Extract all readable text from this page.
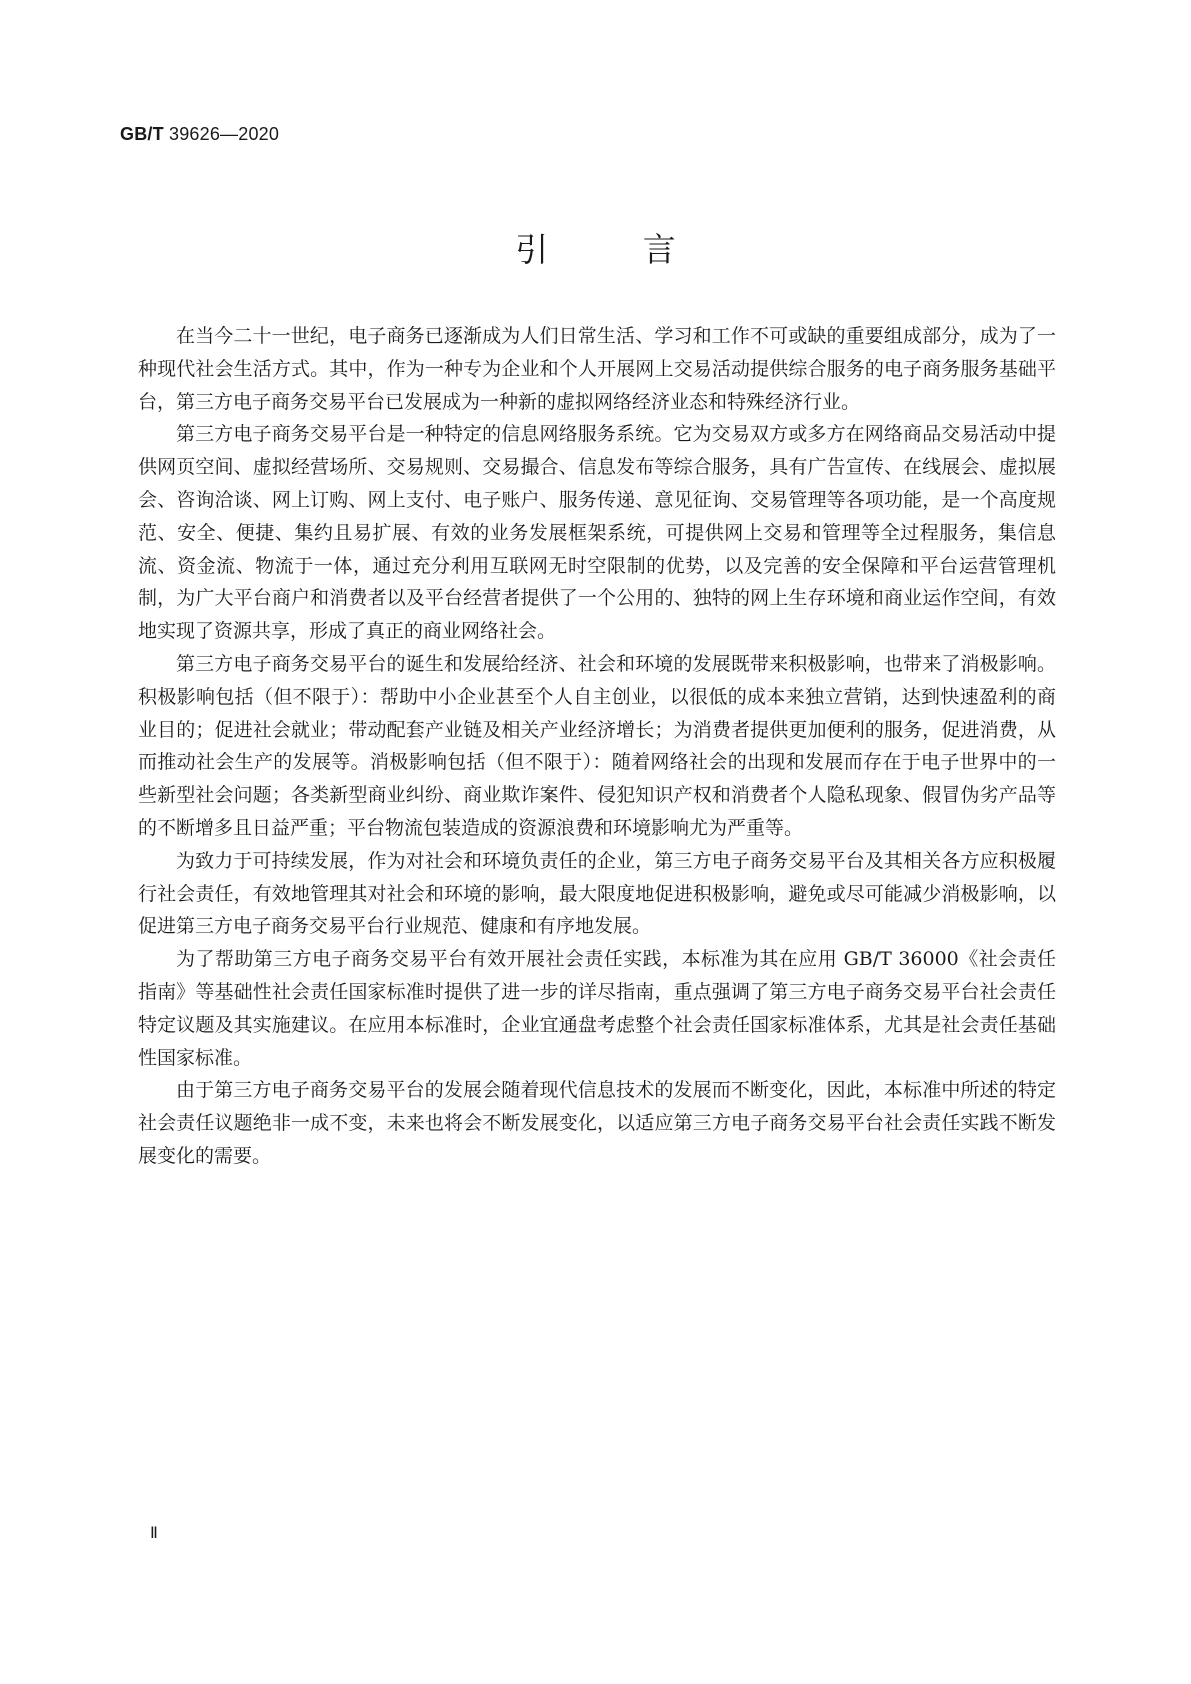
GB/T 39626—2020
引 言

在当今二十一世纪，电子商务已逐渐成为人们日常生活、学习和工作不可或缺的重要组成部分，成为了一种现代社会生活方式。其中，作为一种专为企业和个人开展网上交易活动提供综合服务的电子商务服务基础平台，第三方电子商务交易平台已发展成为一种新的虚拟网络经济业态和特殊经济行业。

第三方电子商务交易平台是一种特定的信息网络服务系统。它为交易双方或多方在网络商品交易活动中提供网页空间、虚拟经营场所、交易规则、交易撮合、信息发布等综合服务，具有广告宣传、在线展会、虚拟展会、咨询洽谈、网上订购、网上支付、电子账户、服务传递、意见征询、交易管理等各项功能，是一个高度规范、安全、便捷、集约且易扩展、有效的业务发展框架系统，可提供网上交易和管理等全过程服务，集信息流、资金流、物流于一体，通过充分利用互联网无时空限制的优势，以及完善的安全保障和平台运营管理机制，为广大平台商户和消费者以及平台经营者提供了一个公用的、独特的网上生存环境和商业运作空间，有效地实现了资源共享，形成了真正的商业网络社会。

第三方电子商务交易平台的诞生和发展给经济、社会和环境的发展既带来积极影响，也带来了消极影响。积极影响包括（但不限于）：帮助中小企业甚至个人自主创业，以很低的成本来独立营销，达到快速盈利的商业目的；促进社会就业；带动配套产业链及相关产业经济增长；为消费者提供更加便利的服务，促进消费，从而推动社会生产的发展等。消极影响包括（但不限于）：随着网络社会的出现和发展而存在于电子世界中的一些新型社会问题；各类新型商业纠纷、商业欺诈案件、侵犯知识产权和消费者个人隐私现象、假冒伪劣产品等的不断增多且日益严重；平台物流包装造成的资源浪费和环境影响尤为严重等。

为致力于可持续发展，作为对社会和环境负责任的企业，第三方电子商务交易平台及其相关各方应积极履行社会责任，有效地管理其对社会和环境的影响，最大限度地促进积极影响，避免或尽可能减少消极影响，以促进第三方电子商务交易平台行业规范、健康和有序地发展。

为了帮助第三方电子商务交易平台有效开展社会责任实践，本标准为其在应用 GB/T 36000《社会责任指南》等基础性社会责任国家标准时提供了进一步的详尽指南，重点强调了第三方电子商务交易平台社会责任特定议题及其实施建议。在应用本标准时，企业宜通盘考虑整个社会责任国家标准体系，尤其是社会责任基础性国家标准。

由于第三方电子商务交易平台的发展会随着现代信息技术的发展而不断变化，因此，本标准中所述的特定社会责任议题绝非一成不变，未来也将会不断发展变化，以适应第三方电子商务交易平台社会责任实践不断发展变化的需要。

Ⅱ
